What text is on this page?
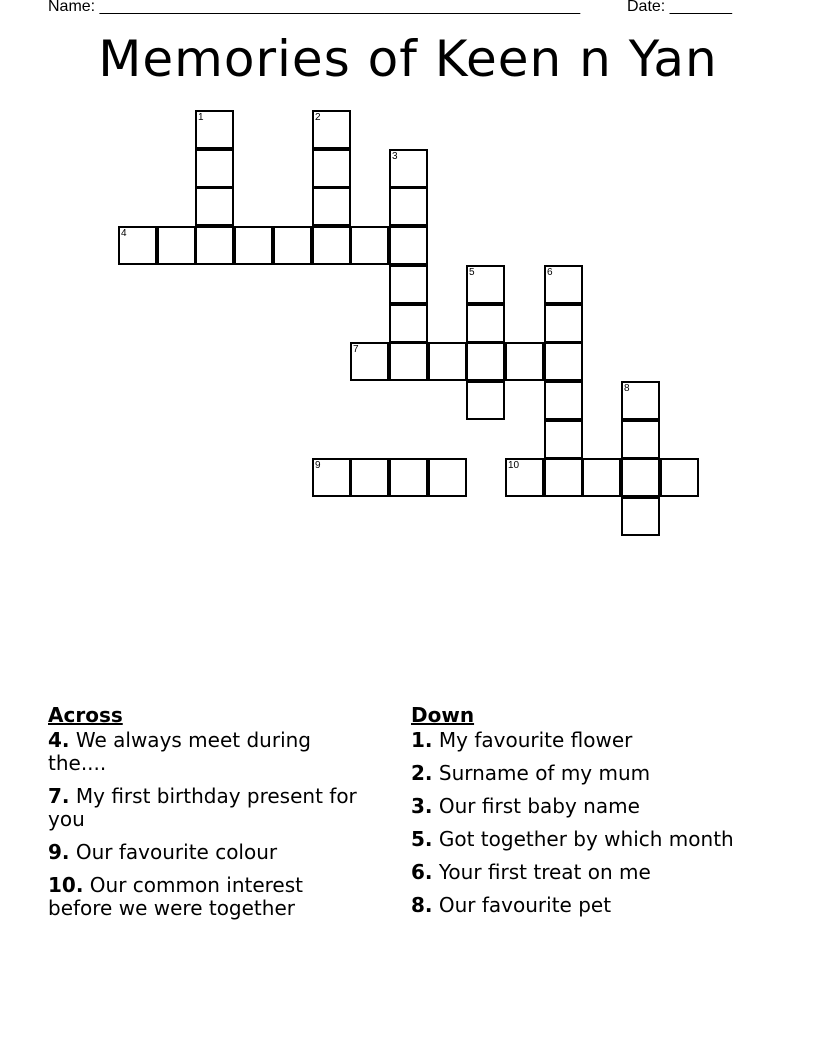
Name: ______________________________________________________	Date: _______
Memories of Keen n Yan
1	2
3
4
5	6
7
8
9	10
Across
4. We always meet during the....
7. My first birthday present for you
9. Our favourite colour
10. Our common interest before we were together
Down
1. My favourite flower
2. Surname of my mum
3. Our first baby name
5. Got together by which month
6. Your first treat on me
8. Our favourite pet
